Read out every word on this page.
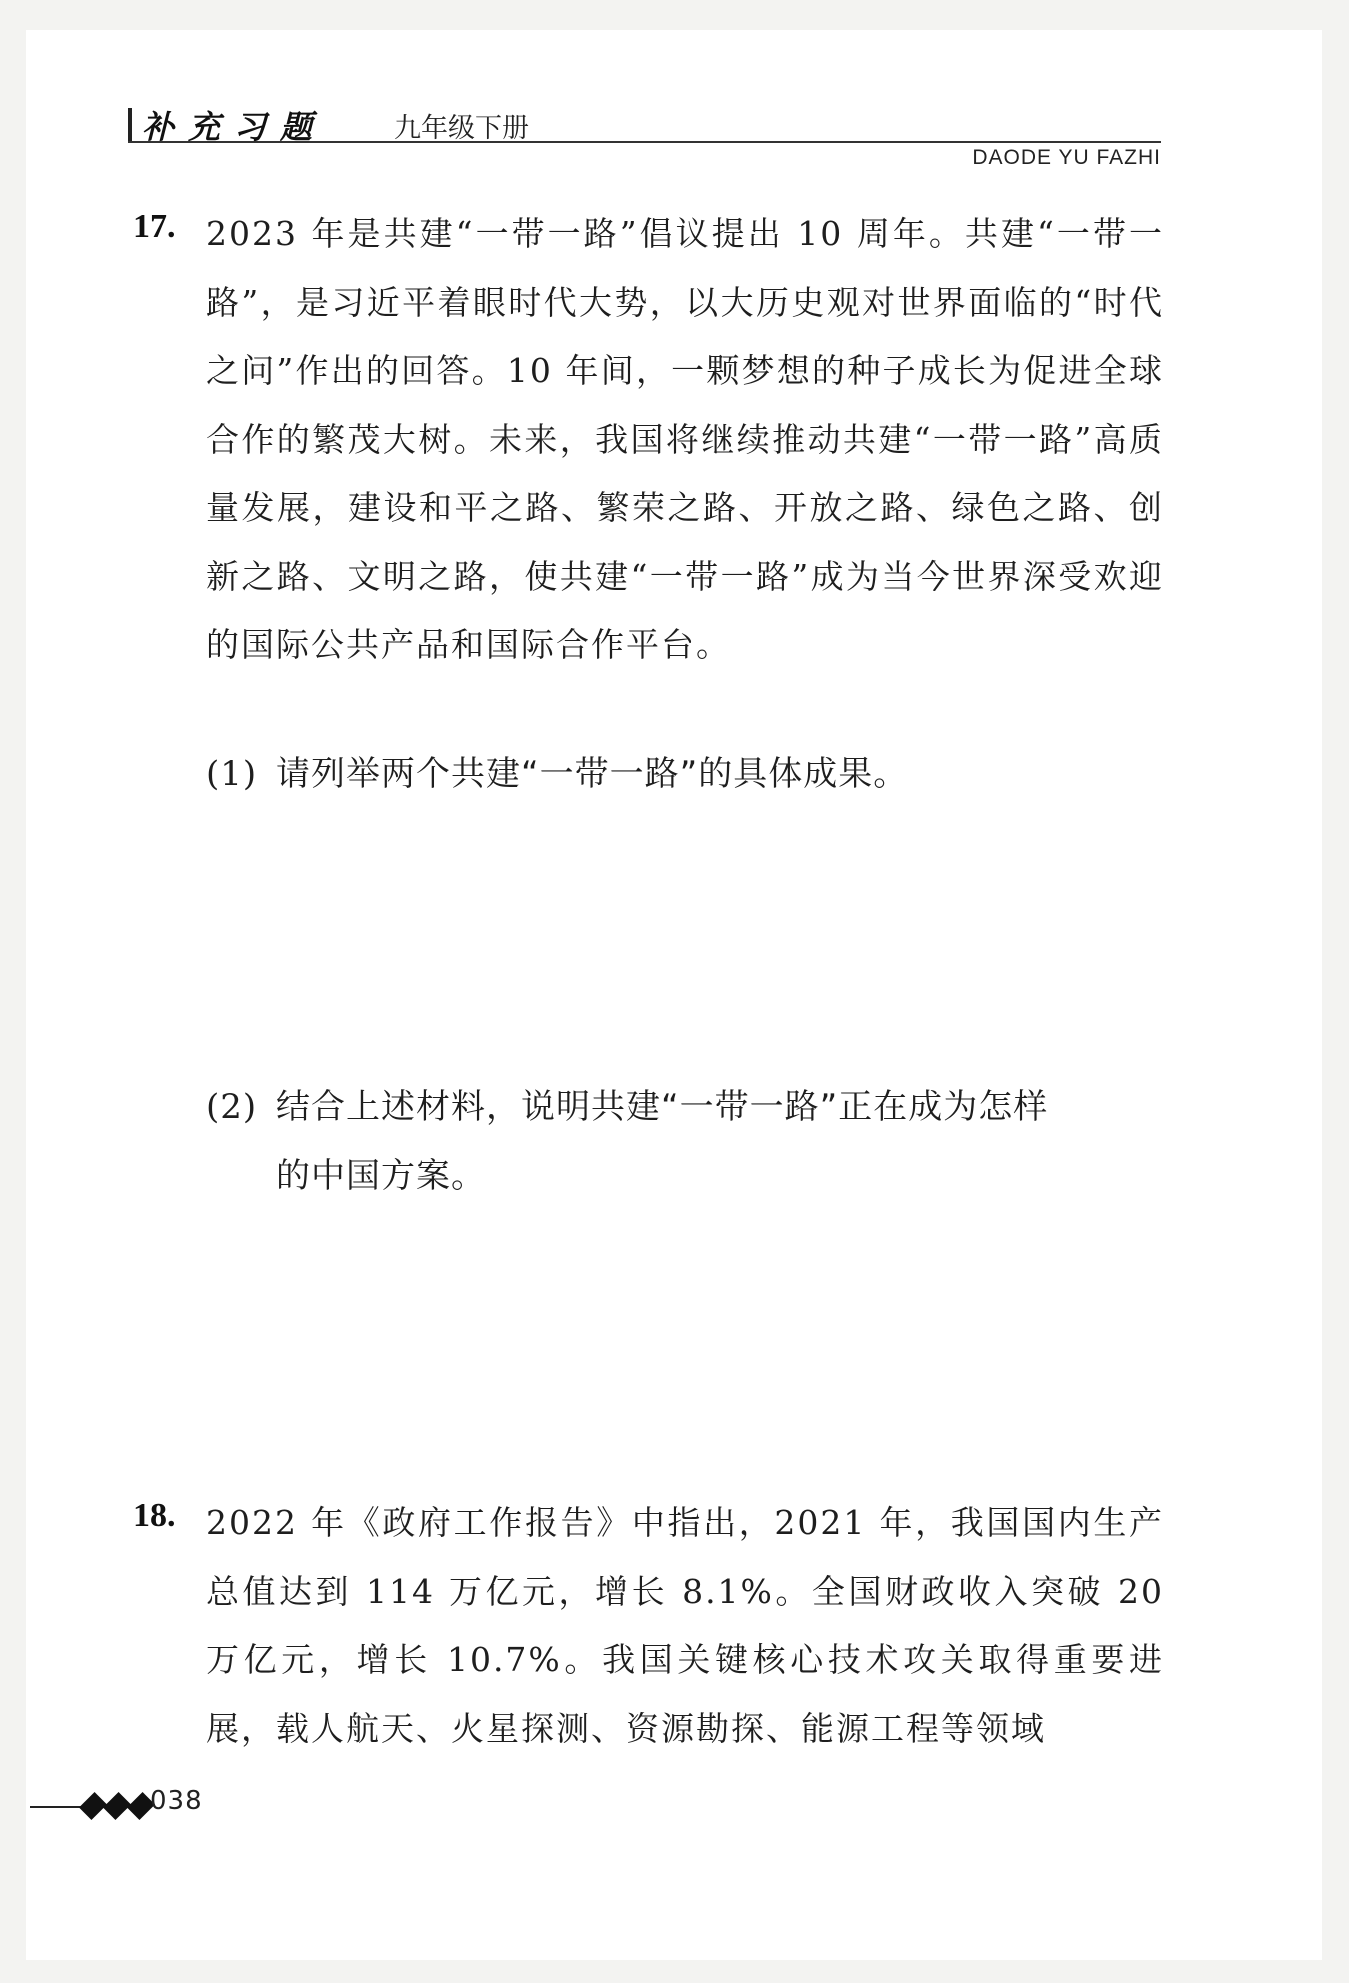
补充习题	九年级下册
DAODE YU FAZHI
17. 2023 年是共建“一带一路”倡议提出 10 周年。共建“一带一路”，是习近平着眼时代大势，以大历史观对世界面临的“时代之问”作出的回答。10 年间，一颗梦想的种子成长为促进全球合作的繁茂大树。未来，我国将继续推动共建“一带一路”高质量发展，建设和平之路、繁荣之路、开放之路、绿色之路、创新之路、文明之路，使共建“一带一路”成为当今世界深受欢迎的国际公共产品和国际合作平台。

(1) 请列举两个共建“一带一路”的具体成果。
(2) 结合上述材料，说明共建“一带一路”正在成为怎样
的中国方案。
18. 2022 年《政府工作报告》中指出，2021 年，我国国内生产总值达到 114 万亿元，增长 8.1%。全国财政收入突破 20 万亿元，增长 10.7%。我国关键核心技术攻关取得重要进展，载人航天、火星探测、资源勘探、能源工程等领域

038
